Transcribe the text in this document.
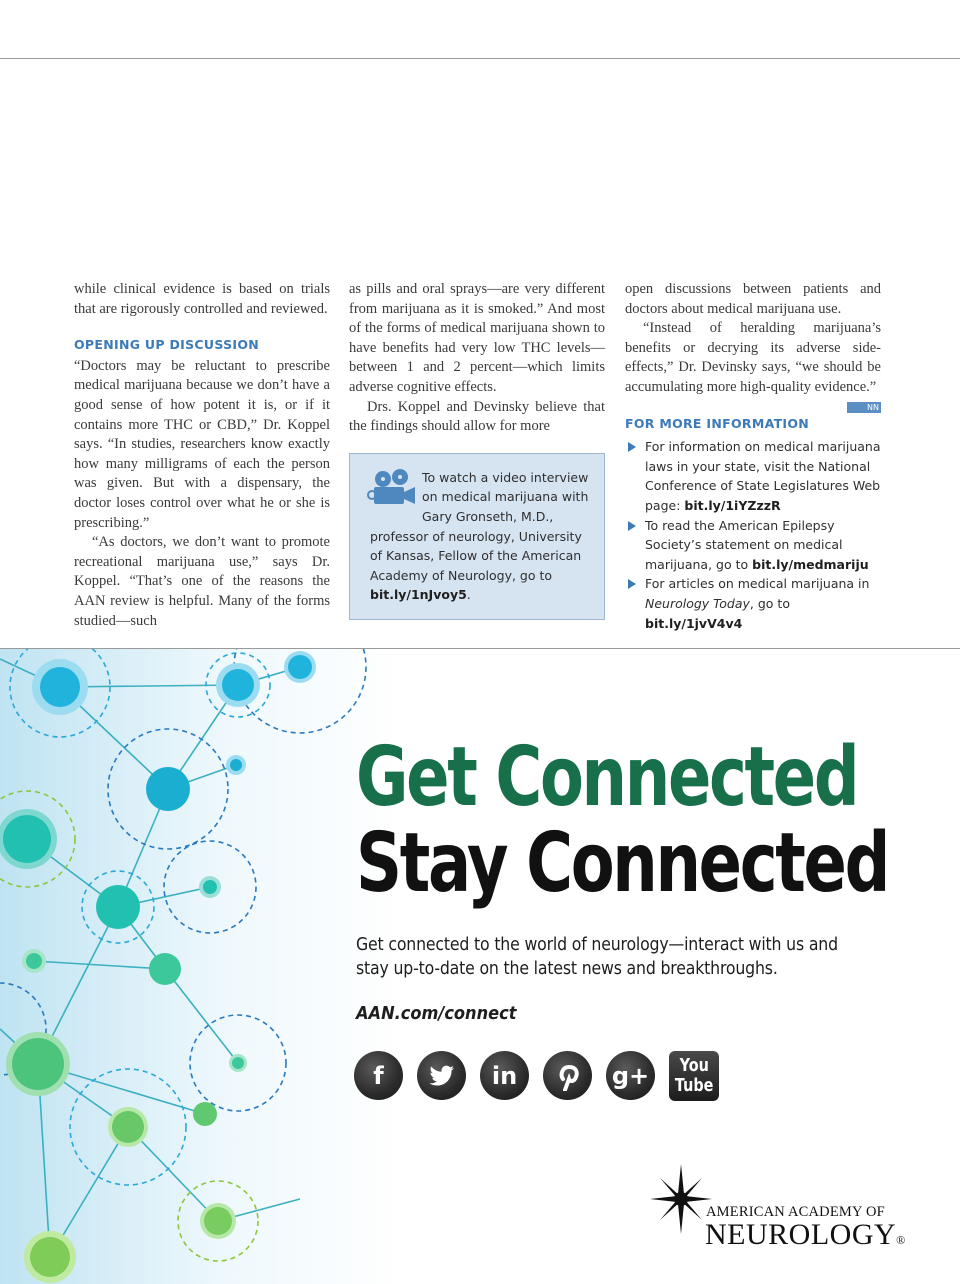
while clinical evidence is based on trials that are rigorously controlled and reviewed.

OPENING UP DISCUSSION

“Doctors may be reluctant to prescribe medical marijuana because we don’t have a good sense of how potent it is, or if it contains more THC or CBD,” Dr. Koppel says. “In studies, researchers know exactly how many milligrams of each the person was given. But with a dispensary, the doctor loses control over what he or she is prescribing.”

“As doctors, we don’t want to promote recreational marijuana use,” says Dr. Koppel. “That’s one of the reasons the AAN review is helpful. Many of the forms studied—such

as pills and oral sprays—are very different from marijuana as it is smoked.” And most of the forms of medical marijuana shown to have benefits had very low THC levels—between 1 and 2 percent—which limits adverse cognitive effects.

Drs. Koppel and Devinsky believe that the findings should allow for more

To watch a video interview on medical marijuana with Gary Gronseth, M.D., professor of neurology, University of Kansas, Fellow of the American Academy of Neurology, go to bit.ly/1nJvoy5.

open discussions between patients and doctors about medical marijuana use.

“Instead of heralding marijuana’s benefits or decrying its adverse side-effects,” Dr. Devinsky says, “we should be accumulating more high-quality evidence.”
NN

FOR MORE INFORMATION
For information on medical marijuana laws in your state, visit the National Conference of State Legislatures Web page: bit.ly/1iYZzzR
To read the American Epilepsy Society’s statement on medical marijuana, go to bit.ly/medmariju
For articles on medical marijuana in Neurology Today, go to bit.ly/1jvV4v4
Get Connected
Stay Connected

Get connected to the world of neurology—interact with us and stay up-to-date on the latest news and breakthroughs.

AAN.com/connect
f	in	g+	You
Tube
AMERICAN ACADEMY OF
NEUROLOGY®
